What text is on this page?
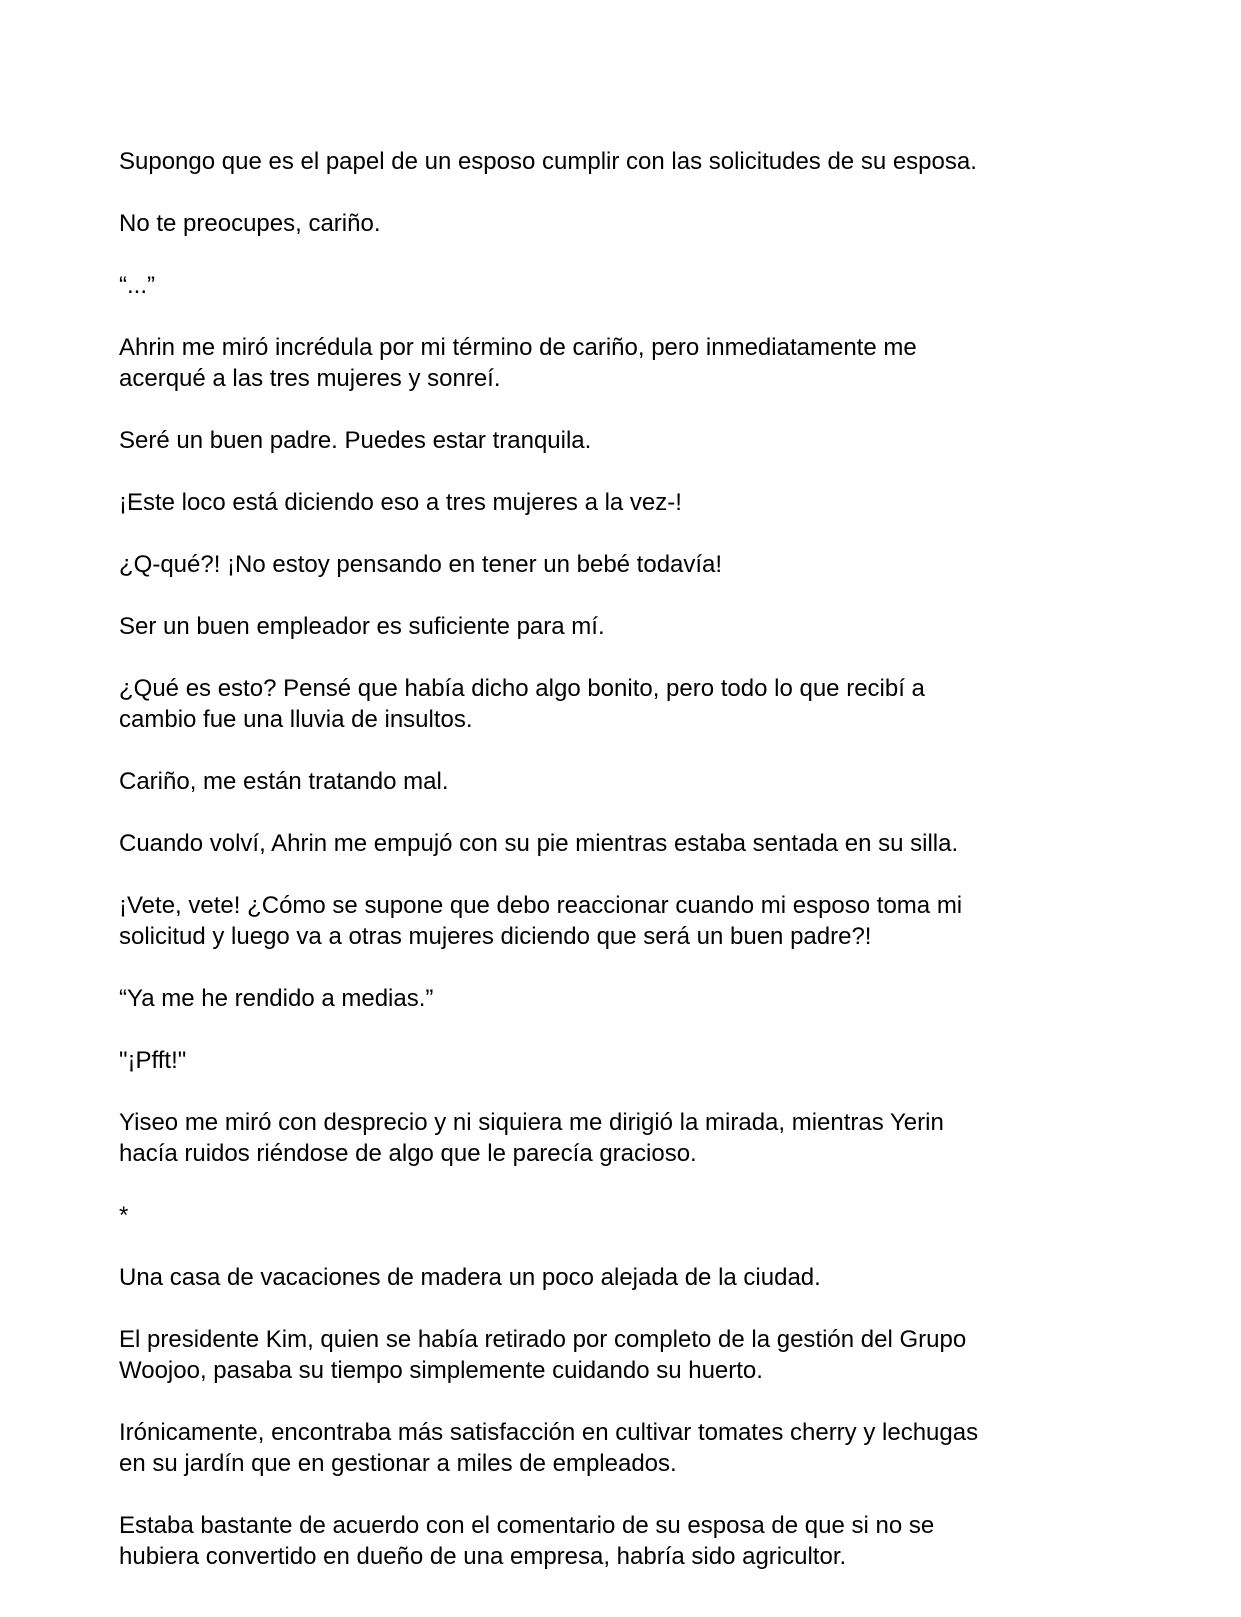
Supongo que es el papel de un esposo cumplir con las solicitudes de su esposa.

No te preocupes, cariño.

“...”

Ahrin me miró incrédula por mi término de cariño, pero inmediatamente me
acerqué a las tres mujeres y sonreí.

Seré un buen padre. Puedes estar tranquila.

¡Este loco está diciendo eso a tres mujeres a la vez-!

¿Q-qué?! ¡No estoy pensando en tener un bebé todavía!

Ser un buen empleador es suficiente para mí.

¿Qué es esto? Pensé que había dicho algo bonito, pero todo lo que recibí a
cambio fue una lluvia de insultos.

Cariño, me están tratando mal.

Cuando volví, Ahrin me empujó con su pie mientras estaba sentada en su silla.

¡Vete, vete! ¿Cómo se supone que debo reaccionar cuando mi esposo toma mi
solicitud y luego va a otras mujeres diciendo que será un buen padre?!

“Ya me he rendido a medias.”

"¡Pfft!"

Yiseo me miró con desprecio y ni siquiera me dirigió la mirada, mientras Yerin
hacía ruidos riéndose de algo que le parecía gracioso.

*

Una casa de vacaciones de madera un poco alejada de la ciudad.

El presidente Kim, quien se había retirado por completo de la gestión del Grupo
Woojoo, pasaba su tiempo simplemente cuidando su huerto.

Irónicamente, encontraba más satisfacción en cultivar tomates cherry y lechugas
en su jardín que en gestionar a miles de empleados.

Estaba bastante de acuerdo con el comentario de su esposa de que si no se
hubiera convertido en dueño de una empresa, habría sido agricultor.
